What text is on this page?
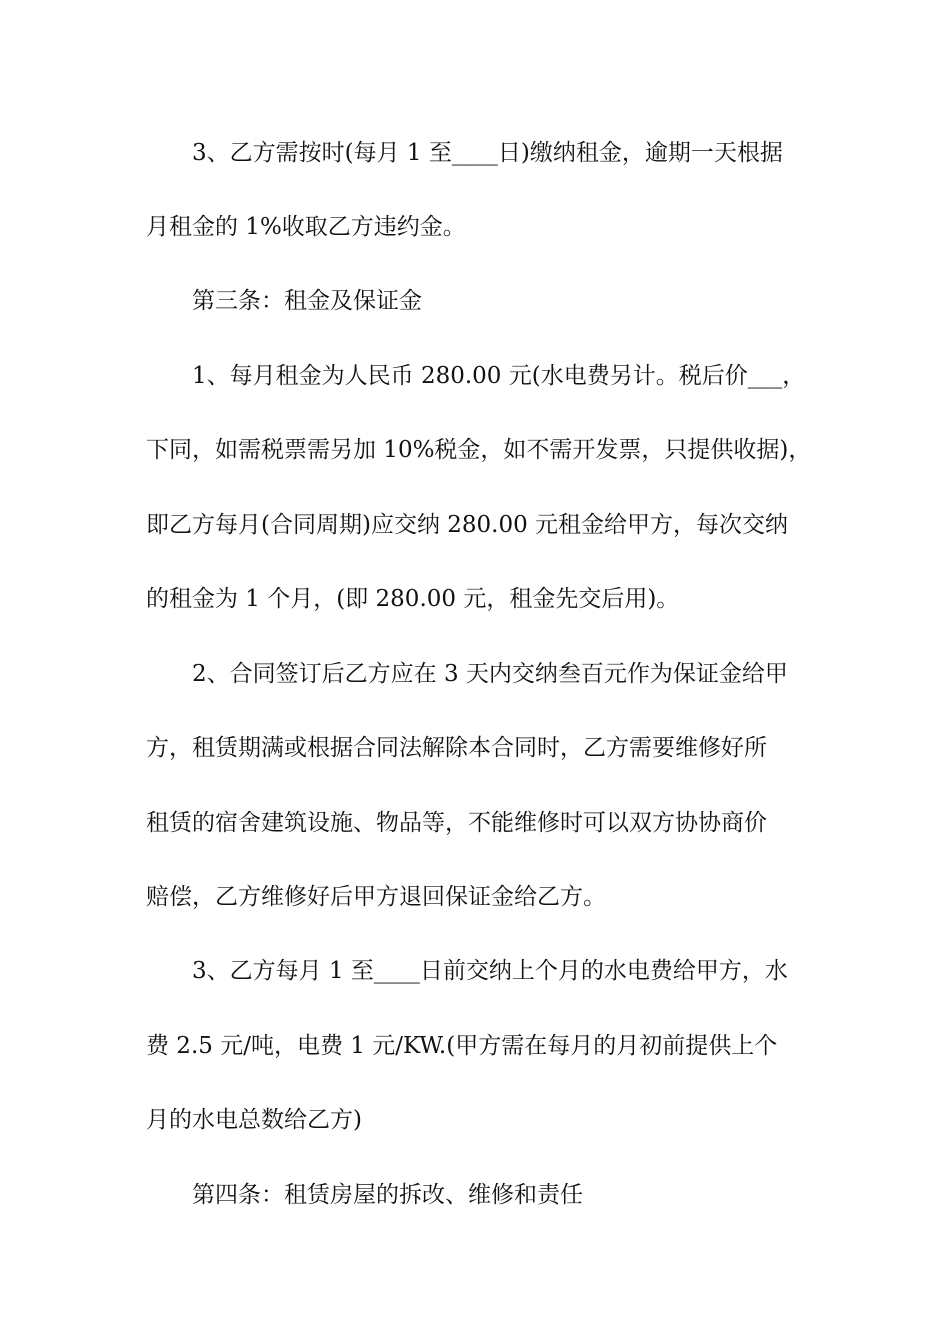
3、乙方需按时(每月 1 至____日)缴纳租金，逾期一天根据
月租金的 1%收取乙方违约金。
第三条：租金及保证金
1、每月租金为人民币 280.00 元(水电费另计。税后价___，
下同，如需税票需另加 10%税金，如不需开发票，只提供收据)，
即乙方每月(合同周期)应交纳 280.00 元租金给甲方，每次交纳
的租金为 1 个月，(即 280.00 元，租金先交后用)。
2、合同签订后乙方应在 3 天内交纳叁百元作为保证金给甲
方，租赁期满或根据合同法解除本合同时，乙方需要维修好所
租赁的宿舍建筑设施、物品等，不能维修时可以双方协协商价
赔偿，乙方维修好后甲方退回保证金给乙方。
3、乙方每月 1 至____日前交纳上个月的水电费给甲方，水
费 2.5 元/吨，电费 1 元/KW.(甲方需在每月的月初前提供上个
月的水电总数给乙方)
第四条：租赁房屋的拆改、维修和责任
